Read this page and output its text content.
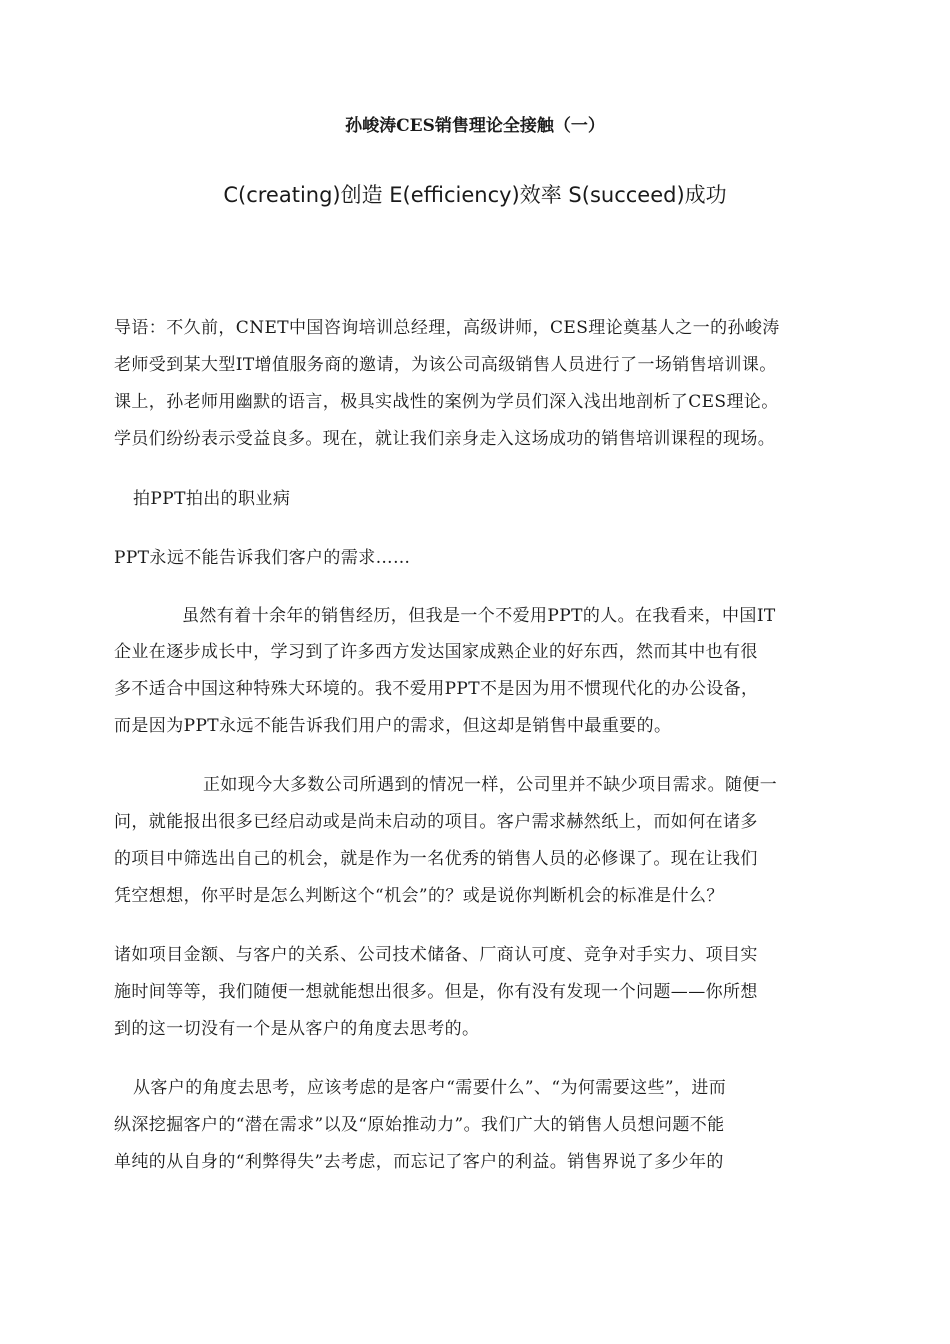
孙峻涛CES销售理论全接触（一）
C(creating)创造 E(efficiency)效率 S(succeed)成功
导语：不久前，CNET中国咨询培训总经理，高级讲师，CES理论奠基人之一的孙峻涛
老师受到某大型IT增值服务商的邀请，为该公司高级销售人员进行了一场销售培训课。
课上，孙老师用幽默的语言，极具实战性的案例为学员们深入浅出地剖析了CES理论。
学员们纷纷表示受益良多。现在，就让我们亲身走入这场成功的销售培训课程的现场。
拍PPT拍出的职业病
PPT永远不能告诉我们客户的需求……
虽然有着十余年的销售经历，但我是一个不爱用PPT的人。在我看来，中国IT
企业在逐步成长中，学习到了许多西方发达国家成熟企业的好东西，然而其中也有很
多不适合中国这种特殊大环境的。我不爱用PPT不是因为用不惯现代化的办公设备，
而是因为PPT永远不能告诉我们用户的需求，但这却是销售中最重要的。
正如现今大多数公司所遇到的情况一样，公司里并不缺少项目需求。随便一
问，就能报出很多已经启动或是尚未启动的项目。客户需求赫然纸上，而如何在诸多
的项目中筛选出自己的机会，就是作为一名优秀的销售人员的必修课了。现在让我们
凭空想想，你平时是怎么判断这个“机会”的？或是说你判断机会的标准是什么？
诸如项目金额、与客户的关系、公司技术储备、厂商认可度、竞争对手实力、项目实
施时间等等，我们随便一想就能想出很多。但是，你有没有发现一个问题——你所想
到的这一切没有一个是从客户的角度去思考的。
从客户的角度去思考，应该考虑的是客户“需要什么”、“为何需要这些”，进而
纵深挖掘客户的“潜在需求”以及“原始推动力”。我们广大的销售人员想问题不能
单纯的从自身的“利弊得失”去考虑，而忘记了客户的利益。销售界说了多少年的
